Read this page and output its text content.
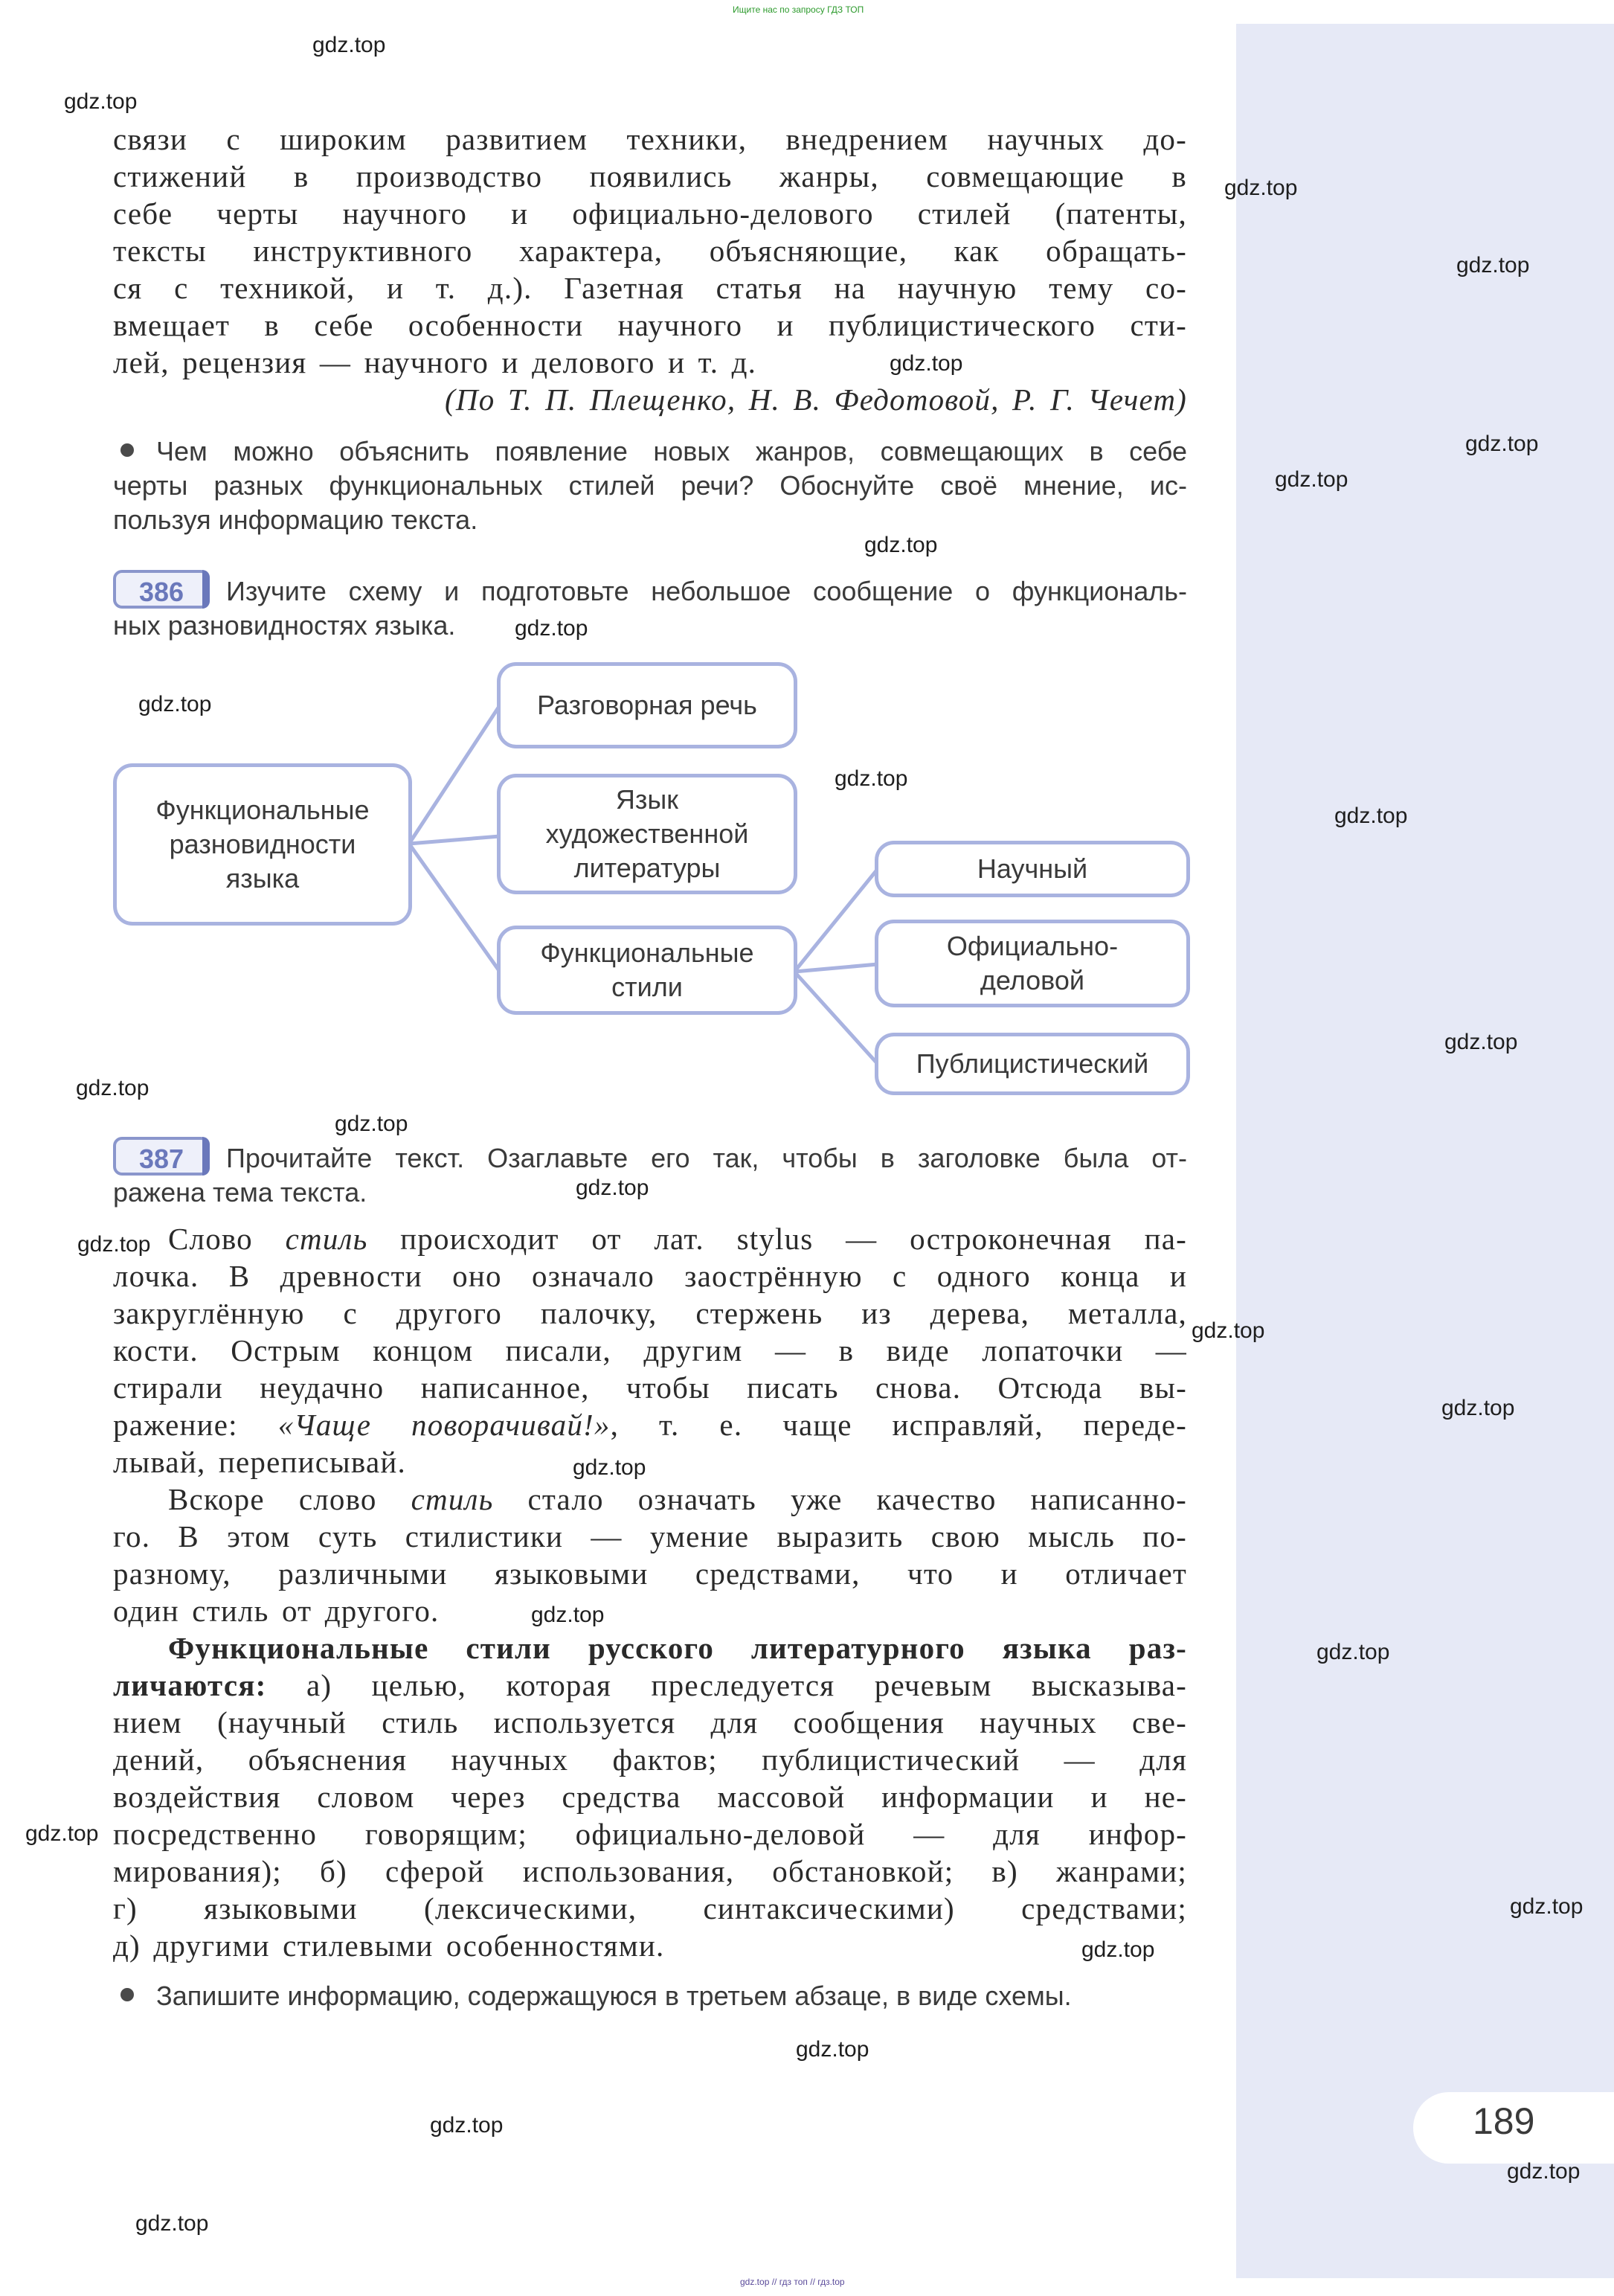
189
Ищите нас по запросу ГДЗ ТОП
gdz.top // гдз топ // гдз.top
связи с широким развитием техники, внедрением научных до-
стижений в производство появились жанры, совмещающие в
себе черты научного и официально-делового стилей (патенты,
тексты инструктивного характера, объясняющие, как обращать-
ся с техникой, и т. д.). Газетная статья на научную тему со-
вмещает в себе особенности научного и публицистического сти-
лей, рецензия — научного и делового и т. д.
(По Т. П. Плещенко, Н. В. Федотовой, Р. Г. Чечет)
Чем можно объяснить появление новых жанров, совмещающих в себе
черты разных функциональных стилей речи? Обоснуйте своё мнение, ис-
пользуя информацию текста.
386	Изучите схему и подготовьте небольшое сообщение о функциональ-
ных разновидностях языка.
Функциональные
разновидности
языка
Разговорная речь
Язык
художественной
литературы
Функциональные
стили
Научный
Официально-
деловой
Публицистический
387	Прочитайте текст. Озаглавьте его так, чтобы в заголовке была от-
ражена тема текста.
Слово стиль происходит от лат. stylus — остроконечная па-
лочка. В древности оно означало заострённую с одного конца и
закруглённую с другого палочку, стержень из дерева, металла,
кости. Острым концом писали, другим — в виде лопаточки —
стирали неудачно написанное, чтобы писать снова. Отсюда вы-
ражение: «Чаще поворачивай!», т. е. чаще исправляй, переде-
лывай, переписывай.
Вскоре слово стиль стало означать уже качество написанно-
го. В этом суть стилистики — умение выразить свою мысль по-
разному, различными языковыми средствами, что и отличает
один стиль от другого.
Функциональные стили русского литературного языка раз-
личаются: а) целью, которая преследуется речевым высказыва-
нием (научный стиль используется для сообщения научных све-
дений, объяснения научных фактов; публицистический — для
воздействия словом через средства массовой информации и не-
посредственно говорящим; официально-деловой — для инфор-
мирования); б) сферой использования, обстановкой; в) жанрами;
г) языковыми (лексическими, синтаксическими) средствами;
д) другими стилевыми особенностями.
Запишите информацию, содержащуюся в третьем абзаце, в виде схемы.
gdz.top
gdz.top
gdz.top
gdz.top
gdz.top
gdz.top
gdz.top
gdz.top
gdz.top
gdz.top
gdz.top
gdz.top
gdz.top
gdz.top
gdz.top
gdz.top
gdz.top
gdz.top
gdz.top
gdz.top
gdz.top
gdz.top
gdz.top
gdz.top
gdz.top
gdz.top
gdz.top
gdz.top
gdz.top
